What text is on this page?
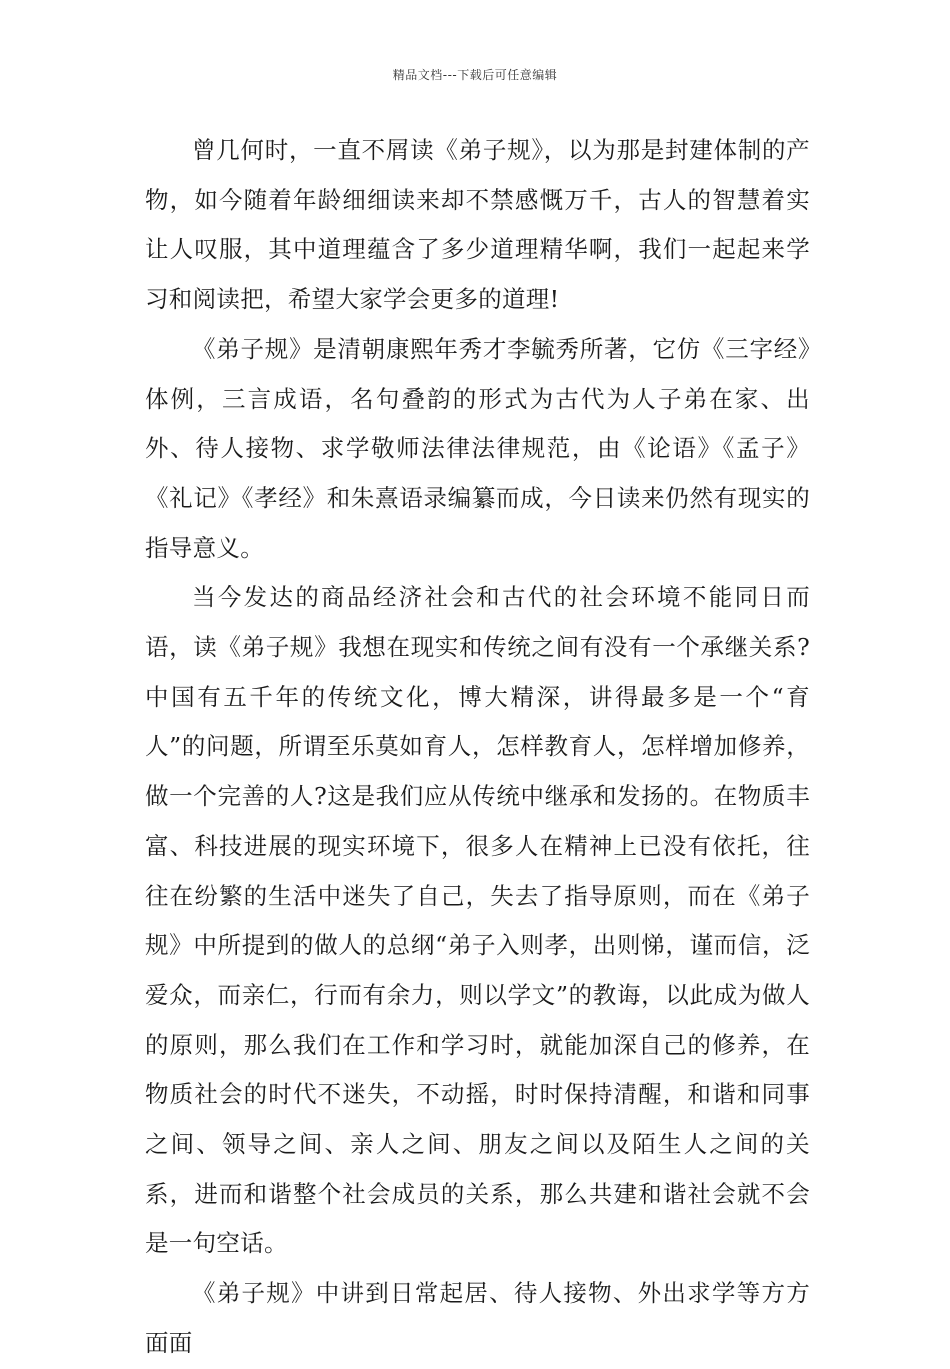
精品文档---下载后可任意编辑

曾几何时，一直不屑读《弟子规》，以为那是封建体制的产物，如今随着年龄细细读来却不禁感慨万千，古人的智慧着实让人叹服，其中道理蕴含了多少道理精华啊，我们一起起来学习和阅读把，希望大家学会更多的道理!

《弟子规》是清朝康熙年秀才李毓秀所著，它仿《三字经》体例，三言成语，名句叠韵的形式为古代为人子弟在家、出外、待人接物、求学敬师法律法律规范，由《论语》《孟子》《礼记》《孝经》和朱熹语录编纂而成，今日读来仍然有现实的指导意义。

当今发达的商品经济社会和古代的社会环境不能同日而语，读《弟子规》我想在现实和传统之间有没有一个承继关系?中国有五千年的传统文化，博大精深，讲得最多是一个“育人”的问题，所谓至乐莫如育人，怎样教育人，怎样增加修养，做一个完善的人?这是我们应从传统中继承和发扬的。在物质丰富、科技进展的现实环境下，很多人在精神上已没有依托，往往在纷繁的生活中迷失了自己，失去了指导原则，而在《弟子规》中所提到的做人的总纲“弟子入则孝，出则悌，谨而信，泛爱众，而亲仁，行而有余力，则以学文”的教诲，以此成为做人的原则，那么我们在工作和学习时，就能加深自己的修养，在物质社会的时代不迷失，不动摇，时时保持清醒，和谐和同事之间、领导之间、亲人之间、朋友之间以及陌生人之间的关系，进而和谐整个社会成员的关系，那么共建和谐社会就不会是一句空话。

《弟子规》中讲到日常起居、待人接物、外出求学等方方面面
